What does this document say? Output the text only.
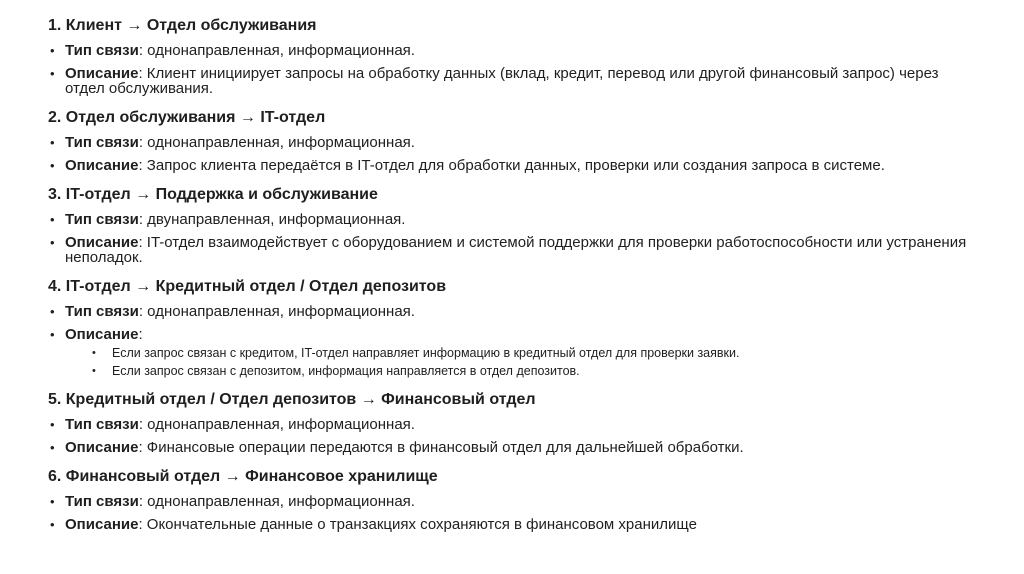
1. Клиент → Отдел обслуживания
• Тип связи: однонаправленная, информационная.
• Описание: Клиент инициирует запросы на обработку данных (вклад, кредит, перевод или другой финансовый запрос) через отдел обслуживания.
2. Отдел обслуживания → IT-отдел
• Тип связи: однонаправленная, информационная.
• Описание: Запрос клиента передаётся в IT-отдел для обработки данных, проверки или создания запроса в системе.
3. IT-отдел → Поддержка и обслуживание
• Тип связи: двунаправленная, информационная.
• Описание: IT-отдел взаимодействует с оборудованием и системой поддержки для проверки работоспособности или устранения неполадок.
4. IT-отдел → Кредитный отдел / Отдел депозитов
• Тип связи: однонаправленная, информационная.
• Описание:
• Если запрос связан с кредитом, IT-отдел направляет информацию в кредитный отдел для проверки заявки.
• Если запрос связан с депозитом, информация направляется в отдел депозитов.
5. Кредитный отдел / Отдел депозитов → Финансовый отдел
• Тип связи: однонаправленная, информационная.
• Описание: Финансовые операции передаются в финансовый отдел для дальнейшей обработки.
6. Финансовый отдел → Финансовое хранилище
• Тип связи: однонаправленная, информационная.
• Описание: Окончательные данные о транзакциях сохраняются в финансовом хранилище
